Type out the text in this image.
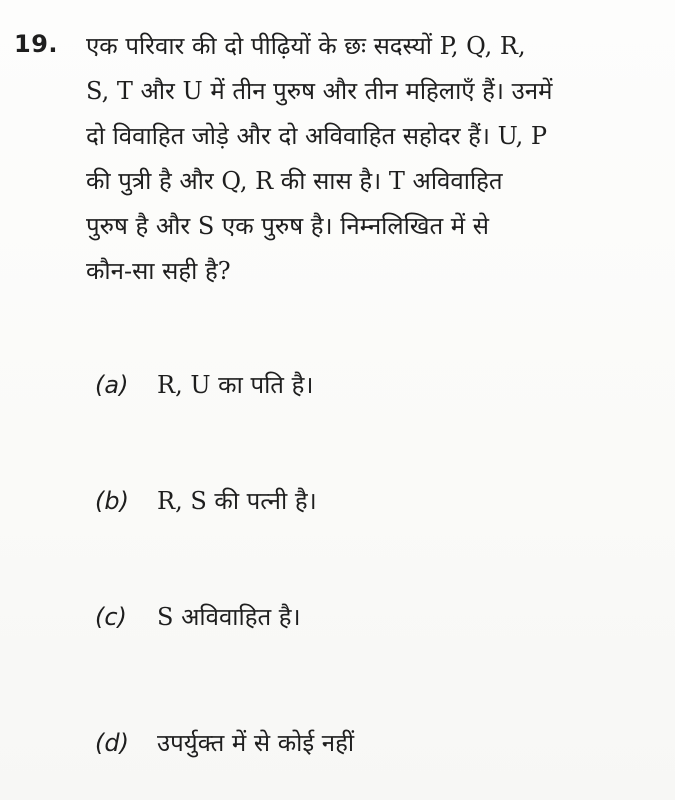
19. एक परिवार की दो पीढ़ियों के छः सदस्यों P, Q, R,
S, T और U में तीन पुरुष और तीन महिलाएँ हैं। उनमें
दो विवाहित जोड़े और दो अविवाहित सहोदर हैं। U, P
की पुत्री है और Q, R की सास है। T अविवाहित
पुरुष है और S एक पुरुष है। निम्नलिखित में से
कौन-सा सही है?
(a) R, U का पति है।
(b) R, S की पत्नी है।
(c) S अविवाहित है।
(d) उपर्युक्त में से कोई नहीं
